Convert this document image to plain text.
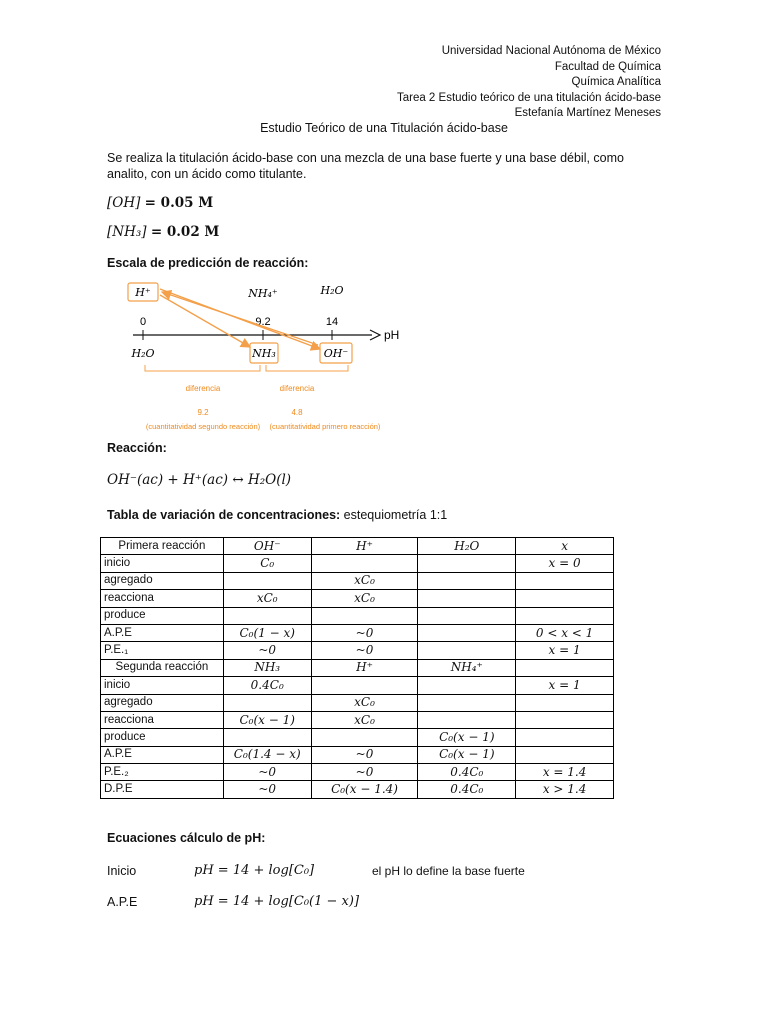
Universidad Nacional Autónoma de México
Facultad de Química
Química Analítica
Tarea 2 Estudio teórico de una titulación ácido-base
Estefanía Martínez Meneses
Estudio Teórico de una Titulación ácido-base
Se realiza la titulación ácido-base con una mezcla de una base fuerte y una base débil, como analito, con un ácido como titulante.
[OH] = 0.05 M
[NH₃] = 0.02 M
Escala de predicción de reacción:
H⁺	NH₄⁺	H₂O
pH
0	9.2	14
H₂O	NH₃	OH⁻
diferencia	diferencia
9.2	4.8
(cuantitatividad segundo reacción) (cuantitatividad primero reacción)
Reacción:
OH⁻(ac) + H⁺(ac) ↔ H₂O(l)
Tabla de variación de concentraciones: estequiometría 1:1
Primera reacción	OH⁻	H⁺	H₂O	x
inicio	C₀			x = 0
agregado		xC₀		
reacciona	xC₀	xC₀		
produce				
A.P.E	C₀(1 − x)	~0		0 < x < 1
P.E.₁	~0	~0		x = 1
Segunda reacción	NH₃	H⁺	NH₄⁺	
inicio	0.4C₀			x = 1
agregado		xC₀		
reacciona	C₀(x − 1)	xC₀		
produce			C₀(x − 1)	
A.P.E	C₀(1.4 − x)	~0	C₀(x − 1)	
P.E.₂	~0	~0	0.4C₀	x = 1.4
D.P.E	~0	C₀(x − 1.4)	0.4C₀	x > 1.4
Ecuaciones cálculo de pH:
Inicio	pH = 14 + log[C₀]	el pH lo define la base fuerte
A.P.E	pH = 14 + log[C₀(1 − x)]
